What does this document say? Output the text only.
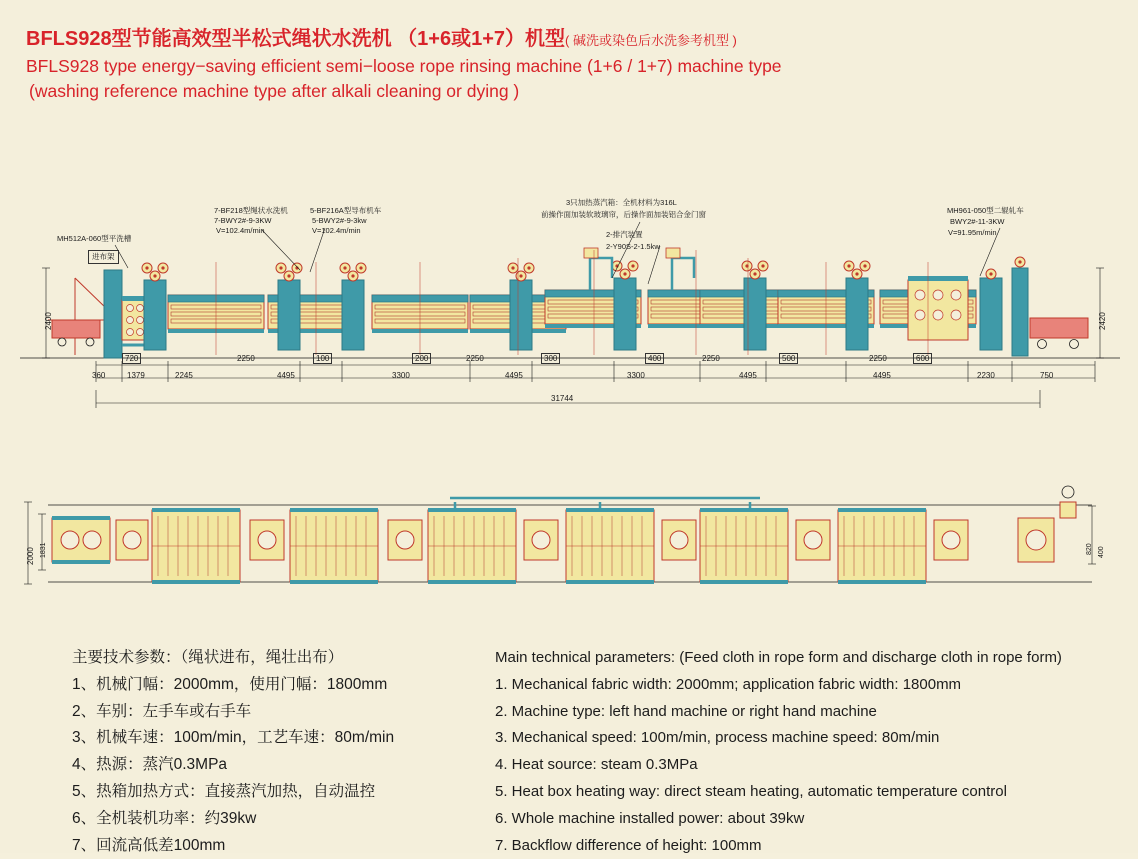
BFLS928型节能高效型半松式绳状水洗机 （1+6或1+7）机型( 碱洗或染色后水洗参考机型 )
BFLS928 type energy−saving efficient semi−loose rope rinsing machine (1+6 / 1+7) machine type
(washing reference machine type after alkali cleaning or dying )
MH512A-060型平洗槽
进布架
7-BF218型绳状水洗机
7-BWY2#-9-3KW
V=102.4m/min
5-BF216A型导布机车
5-BWY2#-9-3kw
V=102.4m/min
3只加热蒸汽箱：全机材料为316L
前操作面加装软玻璃帘，后操作面加装铝合金门窗
2-排汽装置
2-Y90S-2-1.5kw
MH961-050型二辊轧车
BWY2#-11-3KW
V=91.95m/min
2400	2420
720	2250	100	200	2250	300	400	2250	500	2250	600
360	1379	2245	4495	3300	4495	3300	4495	4495	2230	750
31744
2000 1831	820 400
主要技术参数：（绳状进布，绳壮出布）
1、机械门幅：2000mm，使用门幅：1800mm
2、车别：左手车或右手车
3、机械车速：100m/min，工艺车速：80m/min
4、热源：蒸汽0.3MPa
5、热箱加热方式：直接蒸汽加热，自动温控
6、全机装机功率：约39kw
7、回流高低差100mm
Main technical parameters: (Feed cloth in rope form and discharge cloth in rope form)
1. Mechanical fabric width: 2000mm; application fabric width: 1800mm
2. Machine type: left hand machine or right hand machine
3. Mechanical speed: 100m/min, process machine speed: 80m/min
4. Heat source: steam 0.3MPa
5. Heat box heating way: direct steam heating, automatic temperature control
6. Whole machine installed power: about 39kw
7. Backflow difference of height: 100mm
